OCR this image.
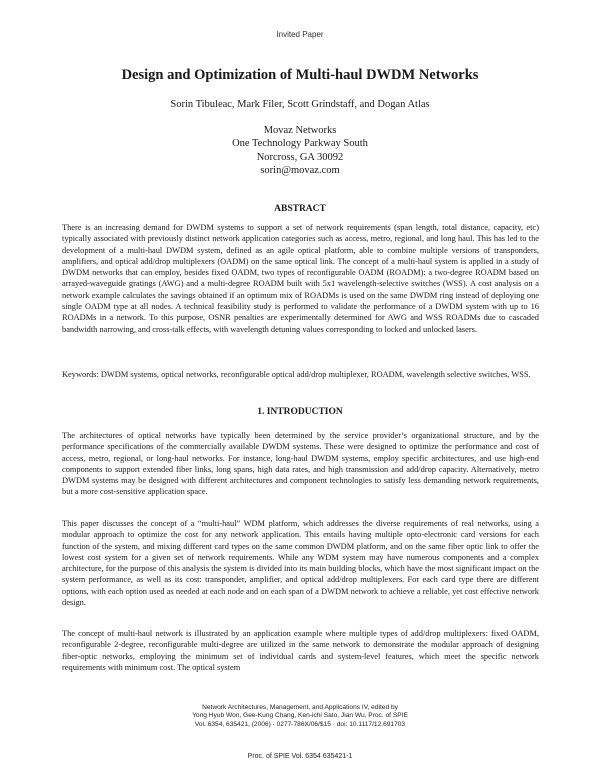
Invited Paper
Design and Optimization of Multi-haul DWDM Networks
Sorin Tibuleac, Mark Filer, Scott Grindstaff, and Dogan Atlas
Movaz Networks
One Technology Parkway South
Norcross, GA 30092
sorin@movaz.com
ABSTRACT
There is an increasing demand for DWDM systems to support a set of network requirements (span length, total distance, capacity, etc) typically associated with previously distinct network application categories such as access, metro, regional, and long haul. This has led to the development of a multi-haul DWDM system, defined as an agile optical platform, able to combine multiple versions of transponders, amplifiers, and optical add/drop multiplexers (OADM) on the same optical link. The concept of a multi-haul system is applied in a study of DWDM networks that can employ, besides fixed OADM, two types of reconfigurable OADM (ROADM): a two-degree ROADM based on arrayed-waveguide gratings (AWG) and a multi-degree ROADM built with 5x1 wavelength-selective switches (WSS). A cost analysis on a network example calculates the savings obtained if an optimum mix of ROADMs is used on the same DWDM ring instead of deploying one single OADM type at all nodes. A technical feasibility study is performed to validate the performance of a DWDM system with up to 16 ROADMs in a network. To this purpose, OSNR penalties are experimentally determined for AWG and WSS ROADMs due to cascaded bandwidth narrowing, and cross-talk effects, with wavelength detuning values corresponding to locked and unlocked lasers.
Keywords: DWDM systems, optical networks, reconfigurable optical add/drop multiplexer, ROADM, wavelength selective switches, WSS.
1. INTRODUCTION
The architectures of optical networks have typically been determined by the service provider’s organizational structure, and by the performance specifications of the commercially available DWDM systems. These were designed to optimize the performance and cost of access, metro, regional, or long-haul networks. For instance, long-haul DWDM systems, employ specific architectures, and use high-end components to support extended fiber links, long spans, high data rates, and high transmission and add/drop capacity. Alternatively, metro DWDM systems may be designed with different architectures and component technologies to satisfy less demanding network requirements, but a more cost-sensitive application space.
This paper discusses the concept of a “multi-haul” WDM platform, which addresses the diverse requirements of real networks, using a modular approach to optimize the cost for any network application. This entails having multiple opto-electronic card versions for each function of the system, and mixing different card types on the same common DWDM platform, and on the same fiber optic link to offer the lowest cost system for a given set of network requirements. While any WDM system may have numerous components and a complex architecture, for the purpose of this analysis the system is divided into its main building blocks, which have the most significant impact on the system performance, as well as its cost: transponder, amplifier, and optical add/drop multiplexers. For each card type there are different options, with each option used as needed at each node and on each span of a DWDM network to achieve a reliable, yet cost effective network design.
The concept of multi-haul network is illustrated by an application example where multiple types of add/drop multiplexers: fixed OADM, reconfigurable 2-degree, reconfigurable multi-degree are utilized in the same network to demonstrate the modular approach of designing fiber-optic networks, employing the minimum set of individual cards and system-level features, which meet the specific network requirements with minimum cost. The optical system
Network Architectures, Management, and Applications IV, edited by
Yong Hyub Won, Gee-Kung Chang, Ken-ichi Sato, Jian Wu, Proc. of SPIE
Vol. 6354, 635421, (2006) · 0277-786X/06/$15 · doi: 10.1117/12.691703
Proc. of SPIE Vol. 6354 635421-1
